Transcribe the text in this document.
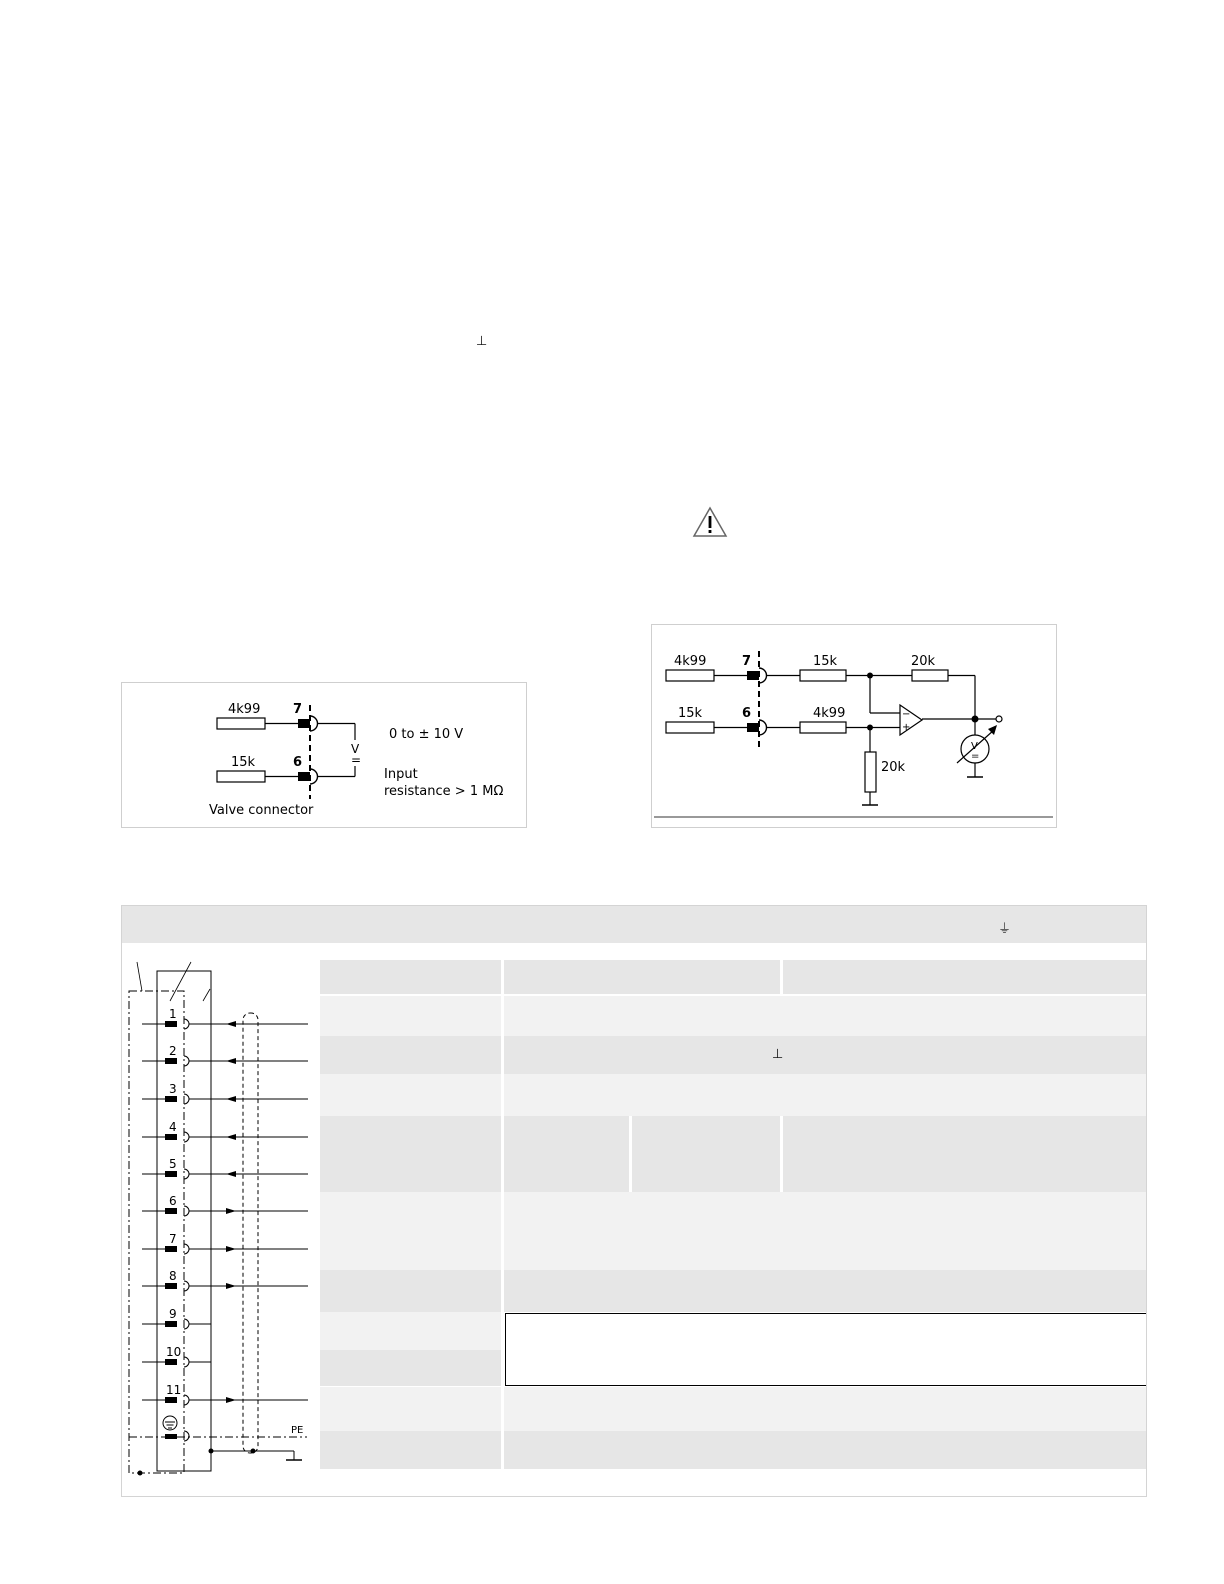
⊥
4k99	7
15k	6
V
=
0 to ± 10 V
Input
resistance > 1 MΩ
Valve connector
4k99	7	15k	20k
15k	6	4k99
20k
−
+
V
=
⏚
⊥
PE
1
2
3
4
5
6
7
8
9
10
11
